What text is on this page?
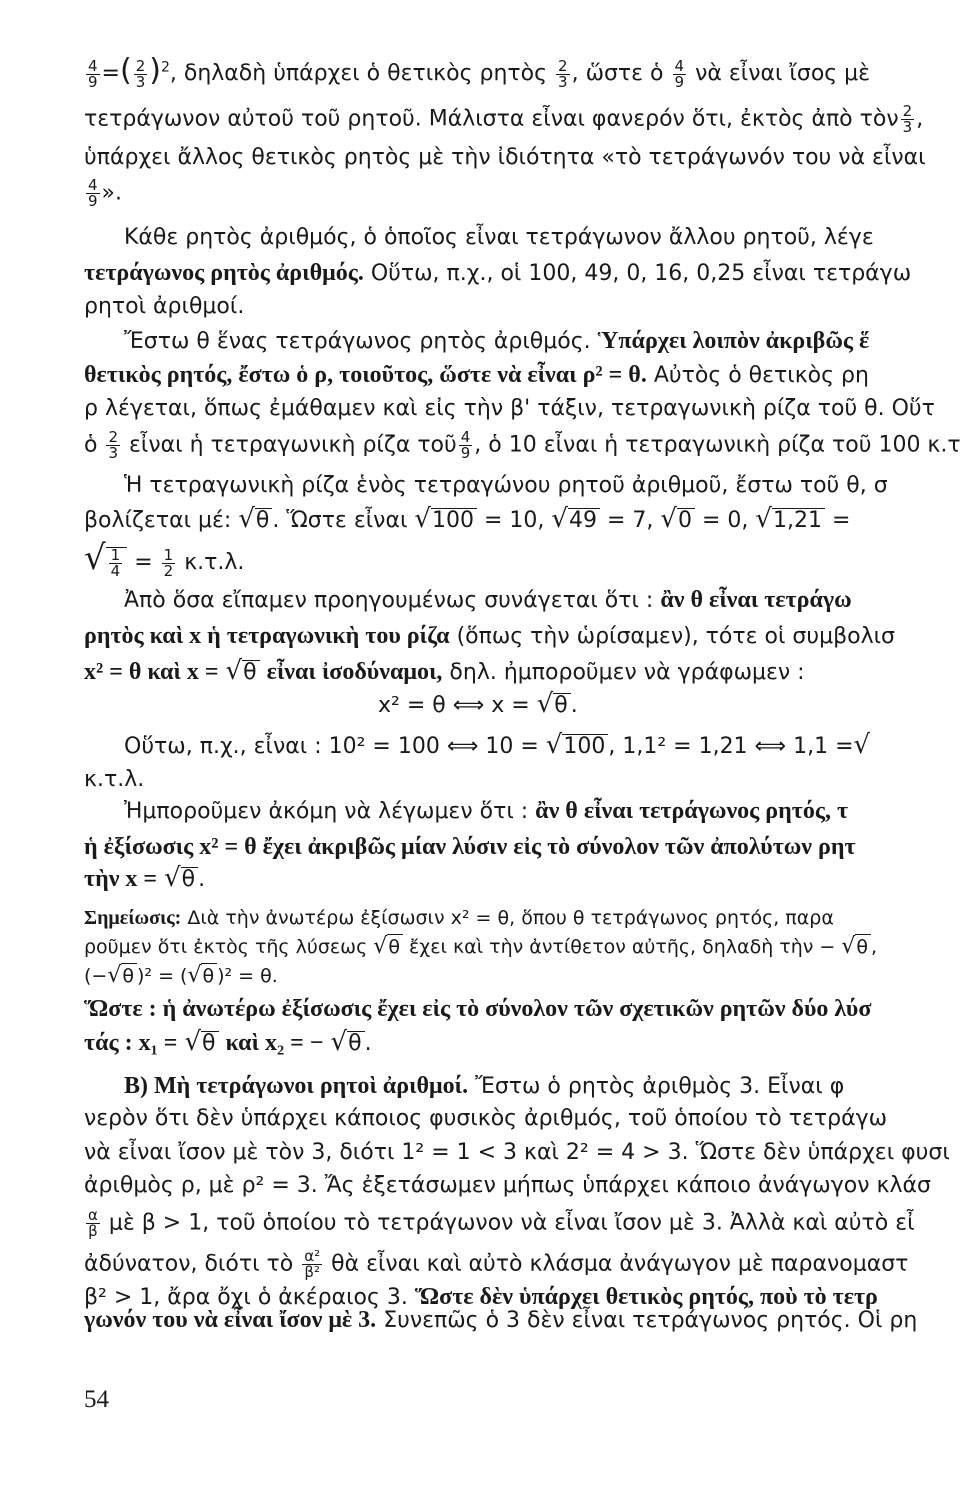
$\frac{4}{9}$ =( $\frac{2}{3} )^2$, δηλαδὴ ὑπάρχει ὁ θετικὸς ρητὸς $\frac{2}{3}$ , ὥστε ὁ $\frac{4}{9}$ νὰ εἶναι ἴσος μὲ
τετράγωνον αὐτοῦ τοῦ ρητοῦ. Μάλιστα εἶναι φανερόν ὅτι, ἐκτὸς ἀπὸ τὸν $\frac{2}{3}$ ,
ὑπάρχει ἄλλος θετικὸς ρητὸς μὲ τὴν ἰδιότητα «τὸ τετράγωνόν του νὰ εἶναι
$\frac{4}{9}$ ».
Κάθε ρητὸς ἀριθμός, ὁ ὁποῖος εἶναι τετράγωνον ἄλλου ρητοῦ, λέγε
τετράγωνος ρητὸς ἀριθμός. Οὕτω, π.χ., οἱ 100, 49, 0, 16, 0,25 εἶναι τετράγω
ρητοὶ ἀριθμοί.
Ἔστω θ ἕνας τετράγωνος ρητὸς ἀριθμός. Ὑπάρχει λοιπὸν ἀκριβῶς ἕ
θετικὸς ρητός, ἔστω ὁ ρ, τοιοῦτος, ὥστε νὰ εἶναι ρ² = θ. Αὐτὸς ὁ θετικὸς ρη
ρ λέγεται, ὅπως ἐμάθαμεν καὶ εἰς τὴν β' τάξιν, τετραγωνικὴ ρίζα τοῦ θ. Οὕτ
ὁ $\frac{2}{3}$ εἶναι ἡ τετραγωνικὴ ρίζα τοῦ $\frac{4}{9}$ , ὁ 10 εἶναι ἡ τετραγωνικὴ ρίζα τοῦ 100 κ.τ
Ἡ τετραγωνικὴ ρίζα ἑνὸς τετραγώνου ρητοῦ ἀριθμοῦ, ἔστω τοῦ θ, σ
βολίζεται μέ: √θ . Ὥστε εἶναι √100 = 10, √49 = 7, √0 = 0, √1,21 =
√ $\frac{1}{4} = \frac{1}{2} \kappa.\tau.\lambda$.
Ἀπὸ ὅσα εἴπαμεν προηγουμένως συνάγεται ὅτι : ἂν θ εἶναι τετράγω
ρητὸς καὶ x ἡ τετραγωνικὴ του ρίζα (ὅπως τὴν ὡρίσαμεν), τότε οἱ συμβολισ
x² = θ καὶ x = √θ εἶναι ἰσοδύναμοι, δηλ. ἠμποροῦμεν νὰ γράφωμεν :
x² = θ ⟺ x = √θ .
Οὕτω, π.χ., εἶναι : 10² = 100 ⟺ 10 = √100 , 1,1² = 1,21 ⟺ 1,1 =√
κ.τ.λ.
Ἠμποροῦμεν ἀκόμη νὰ λέγωμεν ὅτι : ἂν θ εἶναι τετράγωνος ρητός, τ
ἡ ἐξίσωσις x² = θ ἔχει ἀκριβῶς μίαν λύσιν εἰς τὸ σύνολον τῶν ἀπολύτων ρητ
τὴν x = √θ .
Σημείωσις: Διὰ τὴν ἀνωτέρω ἐξίσωσιν x² = θ, ὅπου θ τετράγωνος ρητός, παρα
ροῦμεν ὅτι ἐκτὸς τῆς λύσεως √θ ἔχει καὶ τὴν ἀντίθετον αὐτῆς, δηλαδὴ τὴν − √θ ,
(−√θ )² = (√θ )² = θ.
Ὥστε : ἡ ἀνωτέρω ἐξίσωσις ἔχει εἰς τὸ σύνολον τῶν σχετικῶν ρητῶν δύο λύσ
τάς : x₁ = √θ καὶ x₂ = − √θ .
Β) Μὴ τετράγωνοι ρητοὶ ἀριθμοί. Ἔστω ὁ ρητὸς ἀριθμὸς 3. Εἶναι φ
νερὸν ὅτι δὲν ὑπάρχει κάποιος φυσικὸς ἀριθμός, τοῦ ὁποίου τὸ τετράγω
νὰ εἶναι ἴσον μὲ τὸν 3, διότι 1² = 1 < 3 καὶ 2² = 4 > 3. Ὥστε δὲν ὑπάρχει φυσι
ἀριθμὸς ρ, μὲ ρ² = 3. Ἄς ἐξετάσωμεν μήπως ὑπάρχει κάποιο ἀνάγωγον κλάσ
$\frac{\alpha}{\beta}$ μὲ β > 1, τοῦ ὁποίου τὸ τετράγωνον νὰ εἶναι ἴσον μὲ 3. Ἀλλὰ καὶ αὐτὸ εἶ
ἀδύνατον, διότι τὸ $\frac{\text{α²}}{\text{β²}}$ θὰ εἶναι καὶ αὐτὸ κλάσμα ἀνάγωγον μὲ παρανομαστ
β² > 1, ἄρα ὄχι ὁ ἀκέραιος 3. Ὥστε δὲν ὑπάρχει θετικὸς ρητός, ποὺ τὸ τετρ
γωνόν του νὰ εἶναι ἴσον μὲ 3. Συνεπῶς ὁ 3 δὲν εἶναι τετράγωνος ρητός. Οἱ ρη
54
